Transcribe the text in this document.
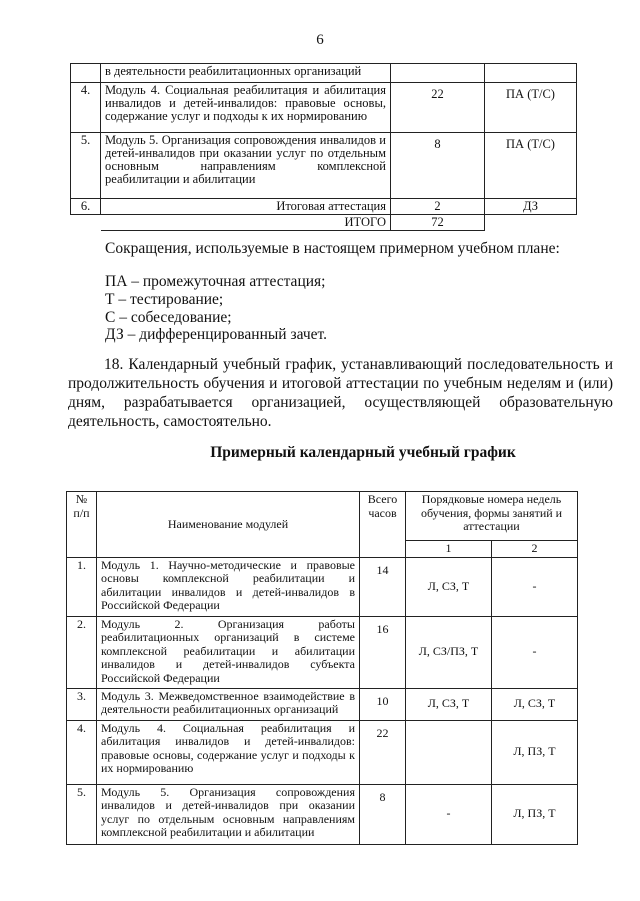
6
	в деятельности реабилитационных организаций		
4.	Модуль 4. Социальная реабилитация и абилитация инвалидов и детей-инвалидов: правовые основы, содержание услуг и подходы к их нормированию	22	ПА (Т/С)
5.	Модуль 5. Организация сопровождения инвалидов и детей-инвалидов при оказании услуг по отдельным основным направлениям комплексной реабилитации и абилитации	8	ПА (Т/С)
6.	Итоговая аттестация	2	ДЗ
	ИТОГО	72	

Сокращения, используемые в настоящем примерном учебном плане:

ПА – промежуточная аттестация;

Т – тестирование;

С – собеседование;

ДЗ – дифференцированный зачет.

18. Календарный учебный график, устанавливающий последовательность и продолжительность обучения и итоговой аттестации по учебным неделям и (или) дням, разрабатывается организацией, осуществляющей образовательную деятельность, самостоятельно.

Примерный календарный учебный график
№ п/п	Наименование модулей	Всего часов	Порядковые номера недель обучения, формы занятий и аттестации	
			1	2
1.	Модуль 1. Научно-методические и правовые основы комплексной реабилитации и абилитации инвалидов и детей-инвалидов в Российской Федерации	14	Л, СЗ, Т	-
2.	Модуль 2. Организация работы реабилитационных организаций в системе комплексной реабилитации и абилитации инвалидов и детей-инвалидов субъекта Российской Федерации	16	Л, СЗ/ПЗ, Т	-
3.	Модуль 3. Межведомственное взаимодействие в деятельности реабилитационных организаций	10	Л, СЗ, Т	Л, СЗ, Т
4.	Модуль 4. Социальная реабилитация и абилитация инвалидов и детей-инвалидов: правовые основы, содержание услуг и подходы к их нормированию	22		Л, ПЗ, Т
5.	Модуль 5. Организация сопровождения инвалидов и детей-инвалидов при оказании услуг по отдельным основным направлениям комплексной реабилитации и абилитации	8	-	Л, ПЗ, Т
